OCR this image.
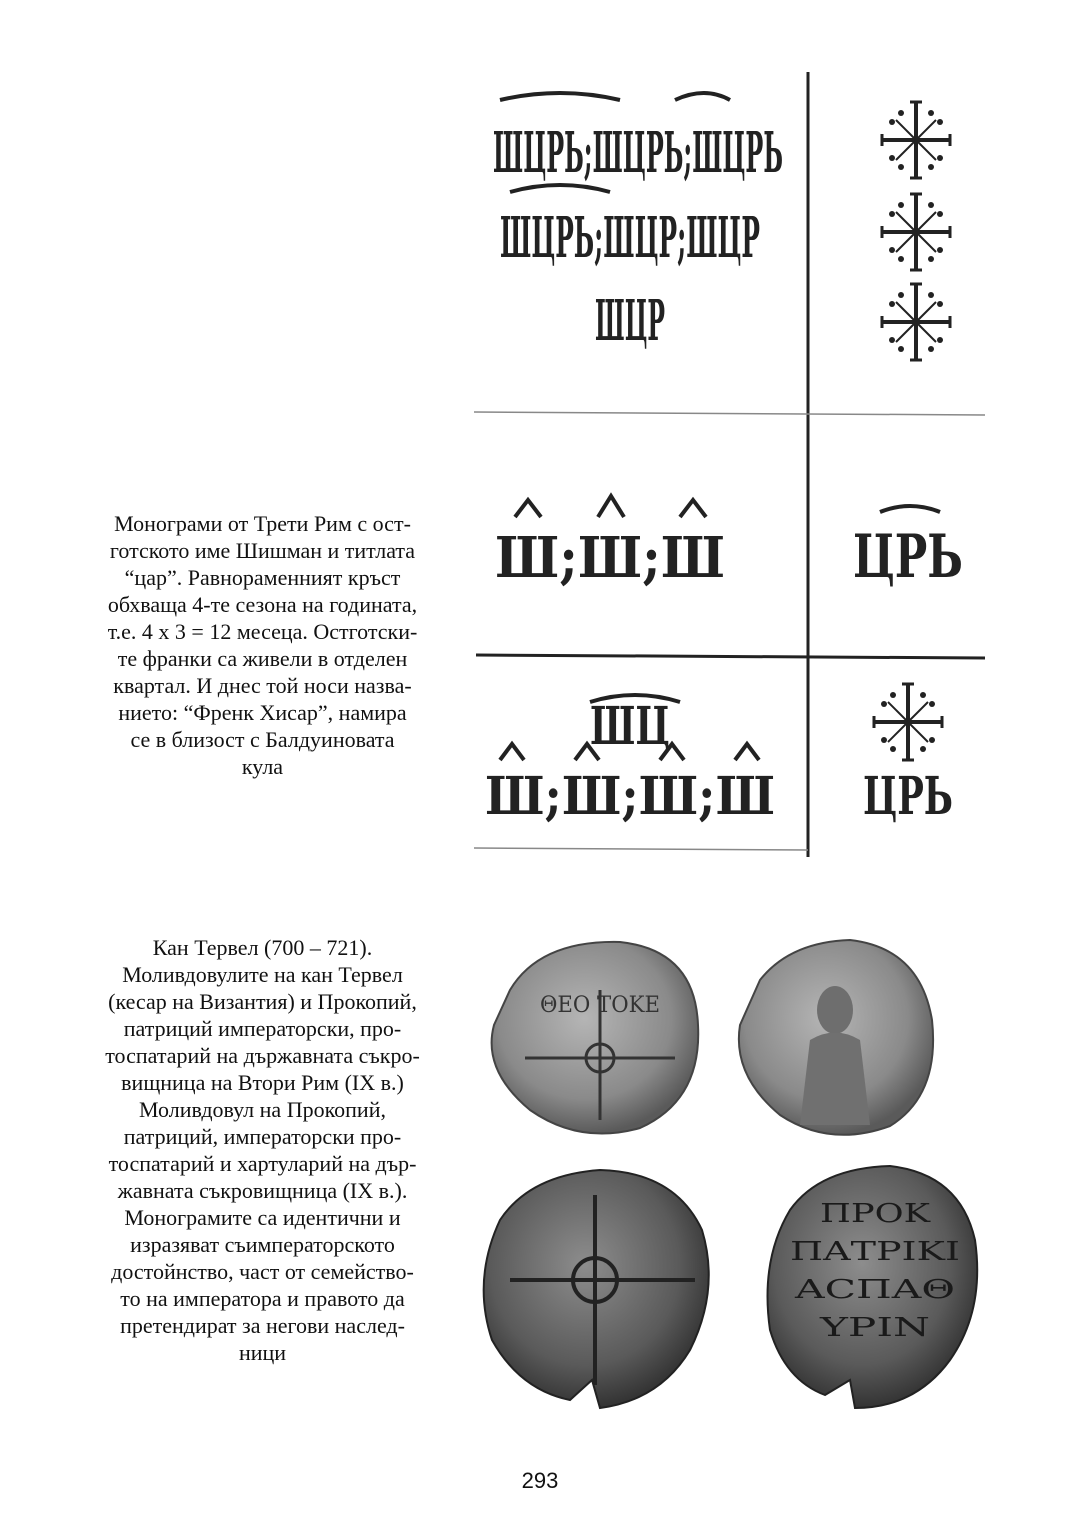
Монограми от Трети Рим с ост-

готското име Шишман и титлата

“цар”. Равнораменният кръст

обхваща 4-те сезона на годината,

т.е. 4 х 3 = 12 месеца. Остготски-

те франки са живели в отделен

квартал. И днес той носи назва-

нието: “Френк Хисар”, намира

се в близост с Балдуиновата

кула

Кан Тервел (700 – 721).

Моливдовулите на кан Тервел

(кесар на Византия) и Прокопий,

патриций императорски, про-

тоспатарий на държавната съкро-

вищница на Втори Рим (IX в.)

Моливдовул на Прокопий,

патриций, императорски про-

тоспатарий и хартуларий на дър-

жавната съкровищница (IX в.).

Монограмите са идентични и

изразяват съимператорското

достойнство, част от семейство-

то на императора и правото да

претендират за негови наслед-

ници

ШЦРЬ;ШЦРЬ;ШЦРЬ
ШЦРЬ;ШЦР;ШЦР
ШЦР
Ш;Ш;Ш ЦРЬ
ШЦ
Ш;Ш;Ш;Ш ЦРЬ
ΘΕΟ ΤΟΚΕ
ΠΡΟΚ
ΠΑΤΡΙΚΙ
ΑCΠΑΘ
ΥΡΙΝ
293
